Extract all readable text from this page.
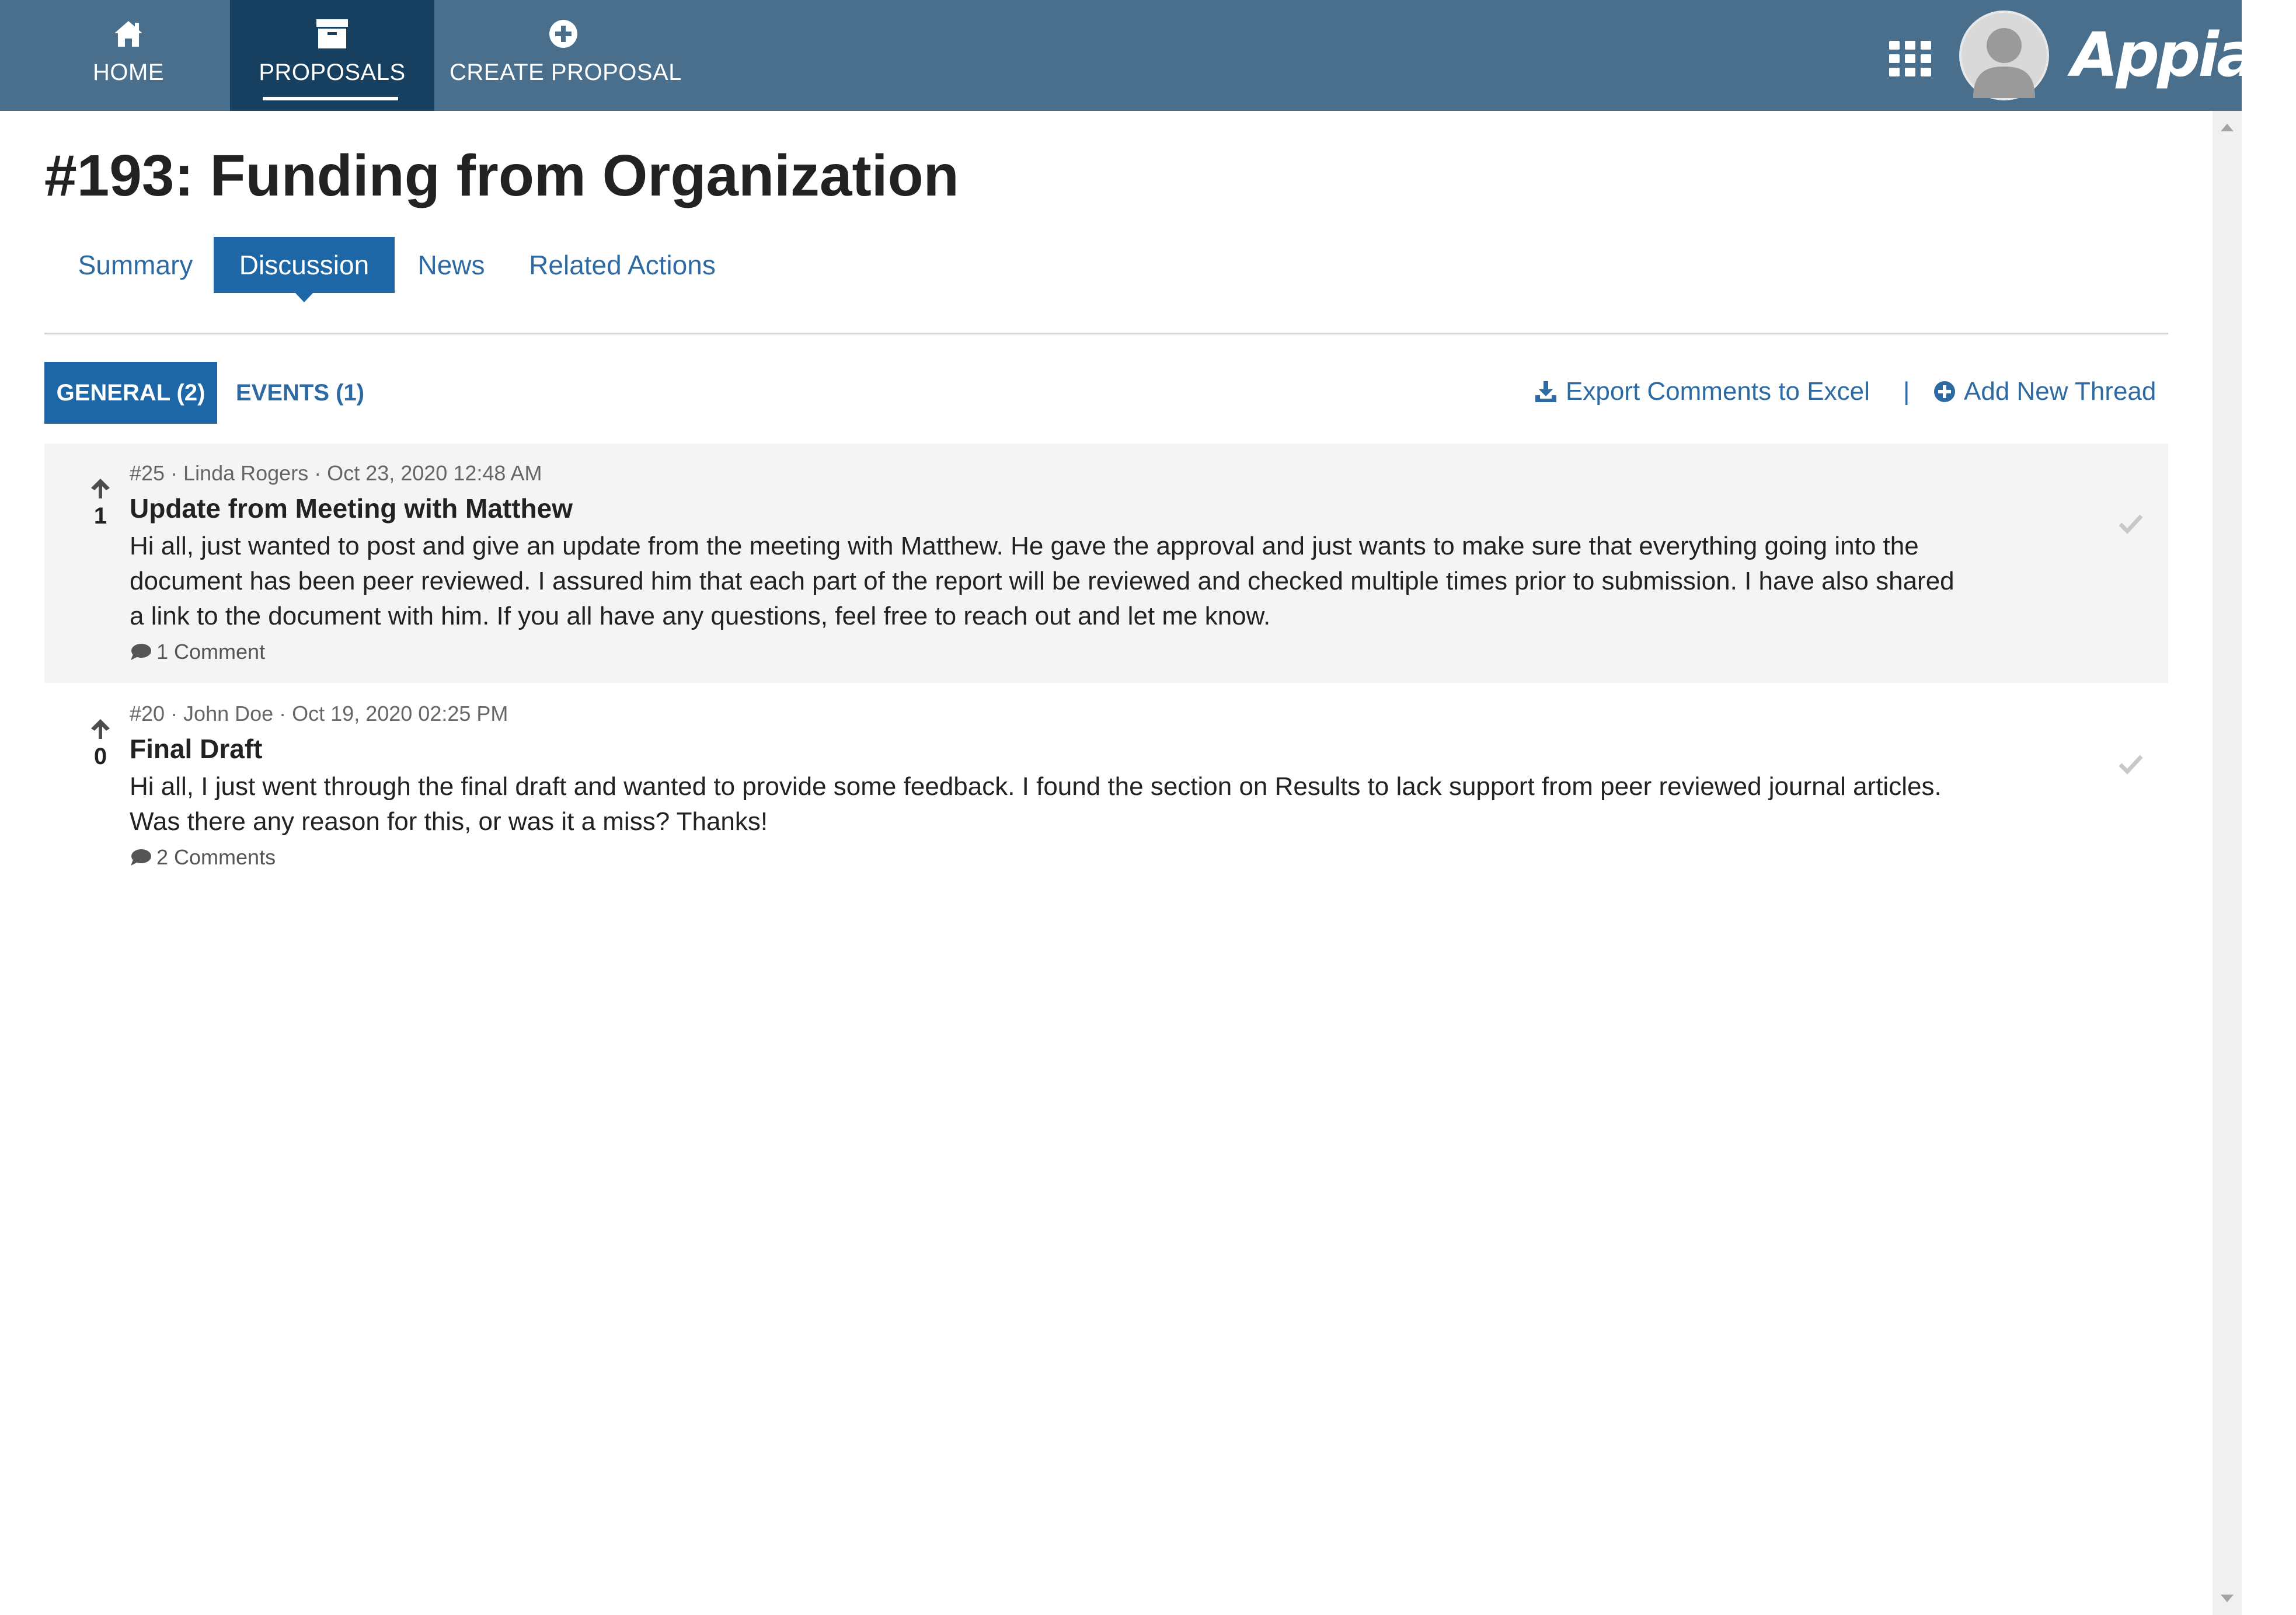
HOME	PROPOSALS	CREATE PROPOSAL	Appian
#193: Funding from Organization
Summary	Discussion	News	Related Actions
GENERAL (2)	EVENTS (1)	Export Comments to Excel | Add New Thread
1
#25 · Linda Rogers · Oct 23, 2020 12:48 AM
Update from Meeting with Matthew
Hi all, just wanted to post and give an update from the meeting with Matthew. He gave the approval and just wants to make sure that everything going into the
document has been peer reviewed. I assured him that each part of the report will be reviewed and checked multiple times prior to submission. I have also shared
a link to the document with him. If you all have any questions, feel free to reach out and let me know.
1 Comment
0
#20 · John Doe · Oct 19, 2020 02:25 PM
Final Draft
Hi all, I just went through the final draft and wanted to provide some feedback. I found the section on Results to lack support from peer reviewed journal articles.
Was there any reason for this, or was it a miss? Thanks!
2 Comments
